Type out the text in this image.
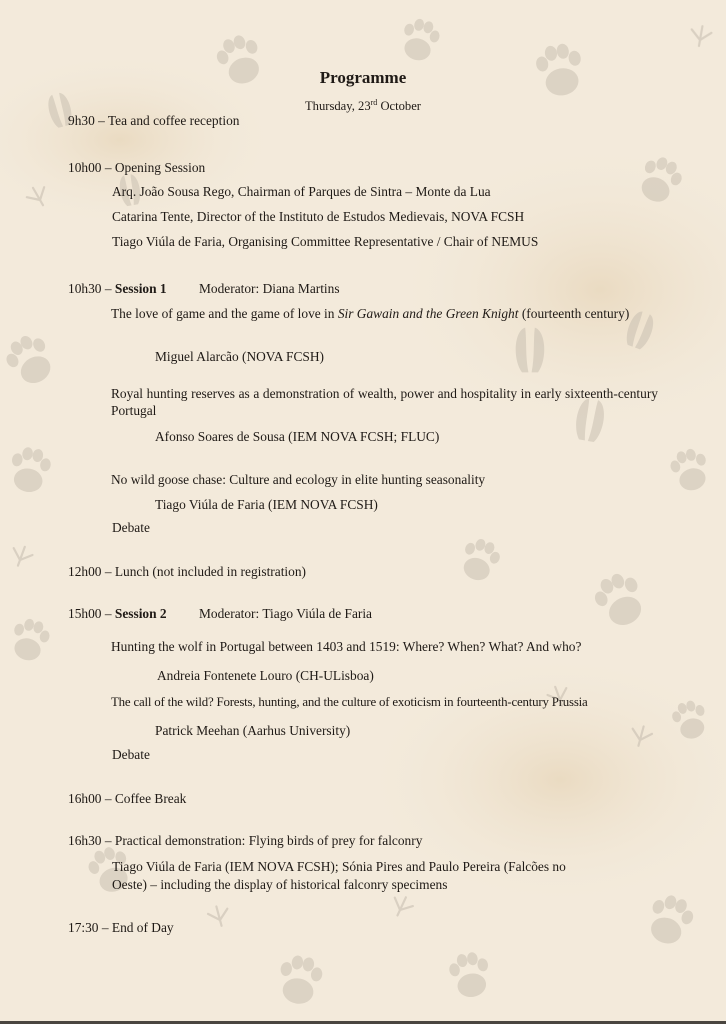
Programme
Thursday, 23rd October
9h30 – Tea and coffee reception
10h00 – Opening Session
Arq. João Sousa Rego, Chairman of Parques de Sintra – Monte da Lua
Catarina Tente, Director of the Instituto de Estudos Medievais, NOVA FCSH
Tiago Viúla de Faria, Organising Committee Representative / Chair of NEMUS
10h30 – Session 1 Moderator: Diana Martins
The love of game and the game of love in Sir Gawain and the Green Knight (fourteenth century)
Miguel Alarcão (NOVA FCSH)
Royal hunting reserves as a demonstration of wealth, power and hospitality in early sixteenth-century Portugal
Afonso Soares de Sousa (IEM NOVA FCSH; FLUC)
No wild goose chase: Culture and ecology in elite hunting seasonality
Tiago Viúla de Faria (IEM NOVA FCSH)
Debate
12h00 – Lunch (not included in registration)
15h00 – Session 2 Moderator: Tiago Viúla de Faria
Hunting the wolf in Portugal between 1403 and 1519: Where? When? What? And who?
Andreia Fontenete Louro (CH-ULisboa)
The call of the wild? Forests, hunting, and the culture of exoticism in fourteenth-century Prussia
Patrick Meehan (Aarhus University)
Debate
16h00 – Coffee Break
16h30 – Practical demonstration: Flying birds of prey for falconry
Tiago Viúla de Faria (IEM NOVA FCSH); Sónia Pires and Paulo Pereira (Falcões no
Oeste) – including the display of historical falconry specimens
17:30 – End of Day
